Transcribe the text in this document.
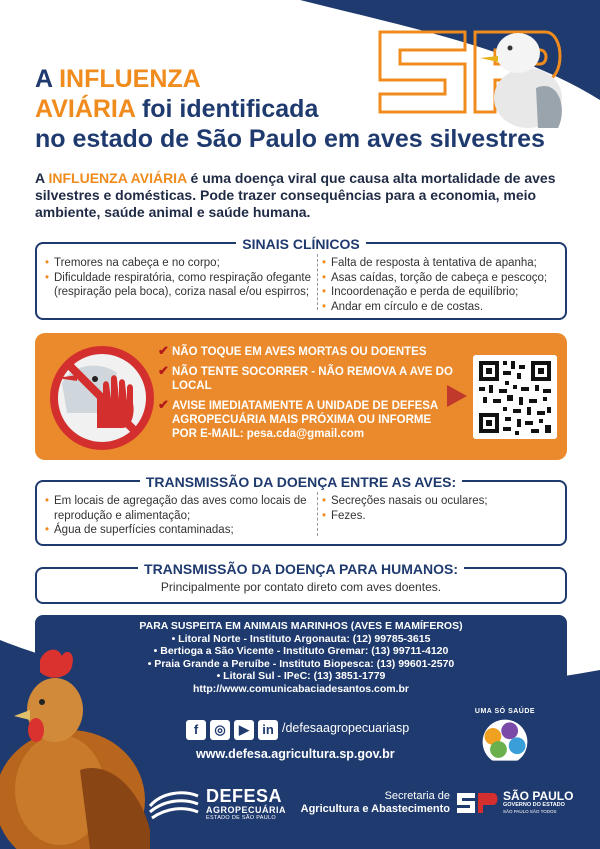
A INFLUENZA
AVIÁRIA foi identificada
no estado de São Paulo em aves silvestres
A INFLUENZA AVIÁRIA é uma doença viral que causa alta mortalidade de aves silvestres e domésticas. Pode trazer consequências para a economia, meio ambiente, saúde animal e saúde humana.
SINAIS CLÍNICOS
• Tremores na cabeça e no corpo;
• Dificuldade respiratória, como respiração ofegante (respiração pela boca), coriza nasal e/ou espirros;
• Falta de resposta à tentativa de apanha;
• Asas caídas, torção de cabeça e pescoço;
• Incoordenação e perda de equilíbrio;
• Andar em círculo e de costas.
✔ NÃO TOQUE EM AVES MORTAS OU DOENTES
✔ NÃO TENTE SOCORRER - NÃO REMOVA A AVE DO LOCAL
✔ AVISE IMEDIATAMENTE A UNIDADE DE DEFESA AGROPECUÁRIA MAIS PRÓXIMA OU INFORME POR E-MAIL: pesa.cda@gmail.com
TRANSMISSÃO DA DOENÇA ENTRE AS AVES:
• Em locais de agregação das aves como locais de reprodução e alimentação;
• Água de superfícies contaminadas;
• Secreções nasais ou oculares;
• Fezes.
TRANSMISSÃO DA DOENÇA PARA HUMANOS:
Principalmente por contato direto com aves doentes.
PARA SUSPEITA EM ANIMAIS MARINHOS (AVES E MAMÍFEROS)
• Litoral Norte - Instituto Argonauta: (12) 99785-3615
• Bertioga a São Vicente - Instituto Gremar: (13) 99711-4120
• Praia Grande a Peruíbe - Instituto Biopesca: (13) 99601-2570
• Litoral Sul - IPeC: (13) 3851-1779
http://www.comunicabaciadesantos.com.br
f	◎	▶	in /defesaagropecuariasp
www.defesa.agricultura.sp.gov.br
UMA SÓ SAÚDE
DEFESA
AGROPECUÁRIA
ESTADO DE SÃO PAULO
Secretaria de
Agricultura e Abastecimento
SÃO PAULO
GOVERNO DO ESTADO
SÃO PAULO SÃO TODOS
